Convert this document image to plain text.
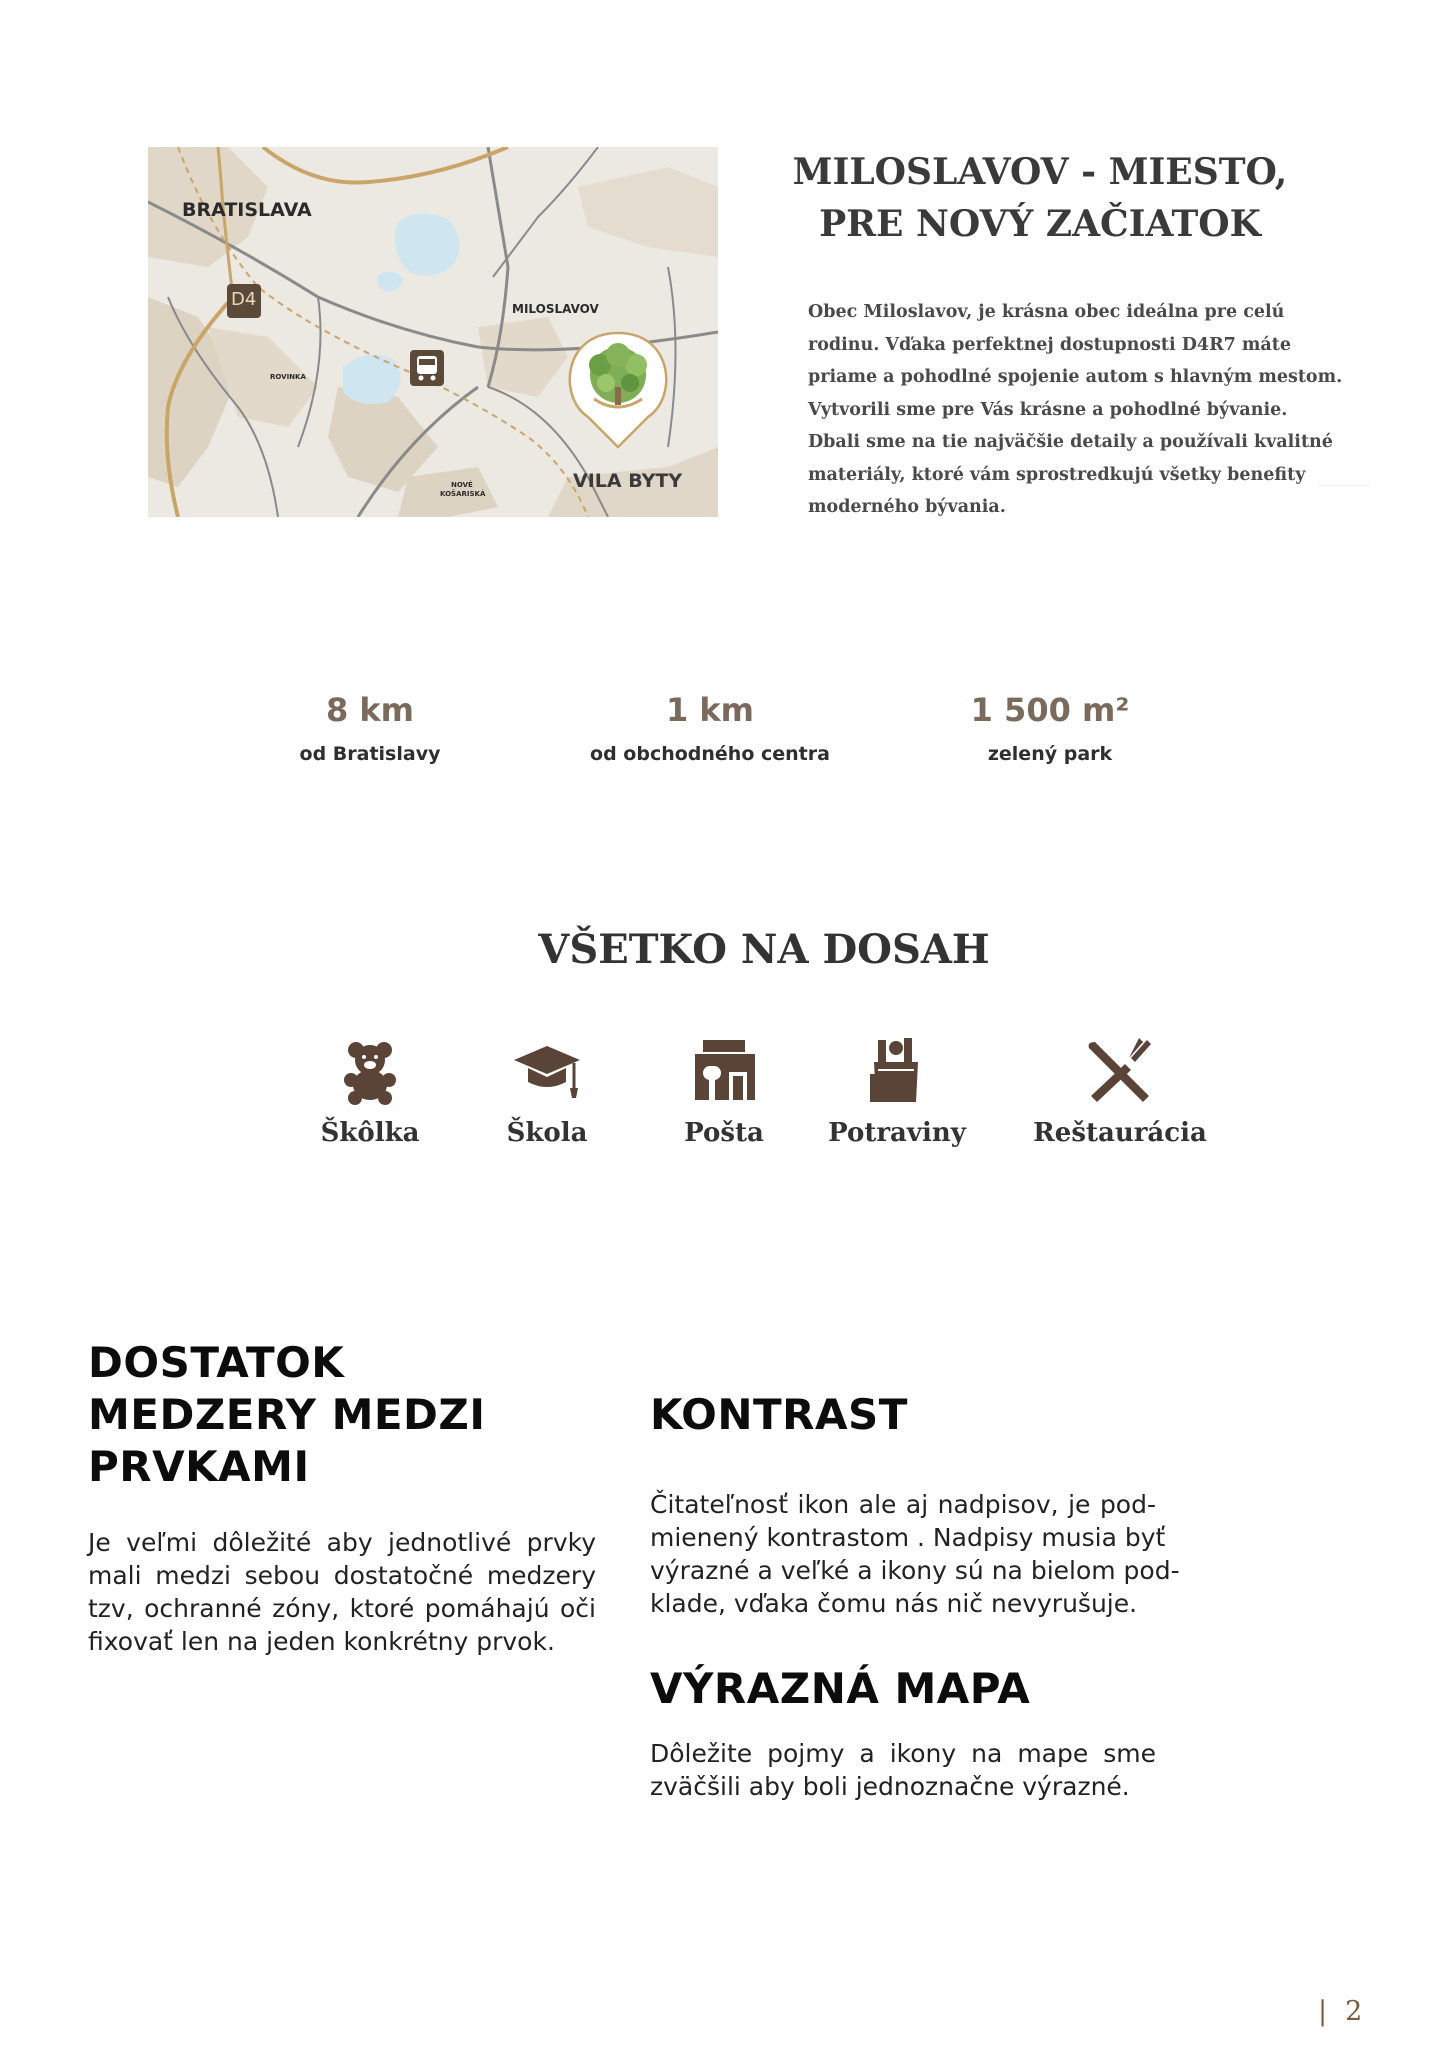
BRATISLAVA
D4	MILOSLAVOV
ROVINKA
NOVÉ
KOŠARISKÁ
VILA BYTY
MILOSLAVOV - MIESTO,
PRE NOVÝ ZAČIATOK
Obec Miloslavov, je krásna obec ideálna pre celú
rodinu. Vďaka perfektnej dostupnosti D4R7 máte
priame a pohodlné spojenie autom s hlavným mestom.
Vytvorili sme pre Vás krásne a pohodlné bývanie.
Dbali sme na tie najväčšie detaily a používali kvalitné
materiály, ktoré vám sprostredkujú všetky benefity
moderného bývania.
8 km
od Bratislavy
1 km
od obchodného centra
1 500 m²
zelený park
VŠETKO NA DOSAH
Škôlka	Škola	Pošta	Potraviny	Reštaurácia
DOSTATOK
MEDZERY MEDZI
PRVKAMI
Je veľmi dôležité aby jednotlivé prvky
mali medzi sebou dostatočné medzery
tzv, ochranné zóny, ktoré pomáhajú oči
fixovať len na jeden konkrétny prvok.
KONTRAST
Čitateľnosť ikon ale aj nadpisov, je pod-
mienený kontrastom . Nadpisy musia byť
výrazné a veľké a ikony sú na bielom pod-
klade, vďaka čomu nás nič nevyrušuje.
VÝRAZNÁ MAPA
Dôležite pojmy a ikony na mape sme
zväčšili aby boli jednoznačne výrazné.
| 2
